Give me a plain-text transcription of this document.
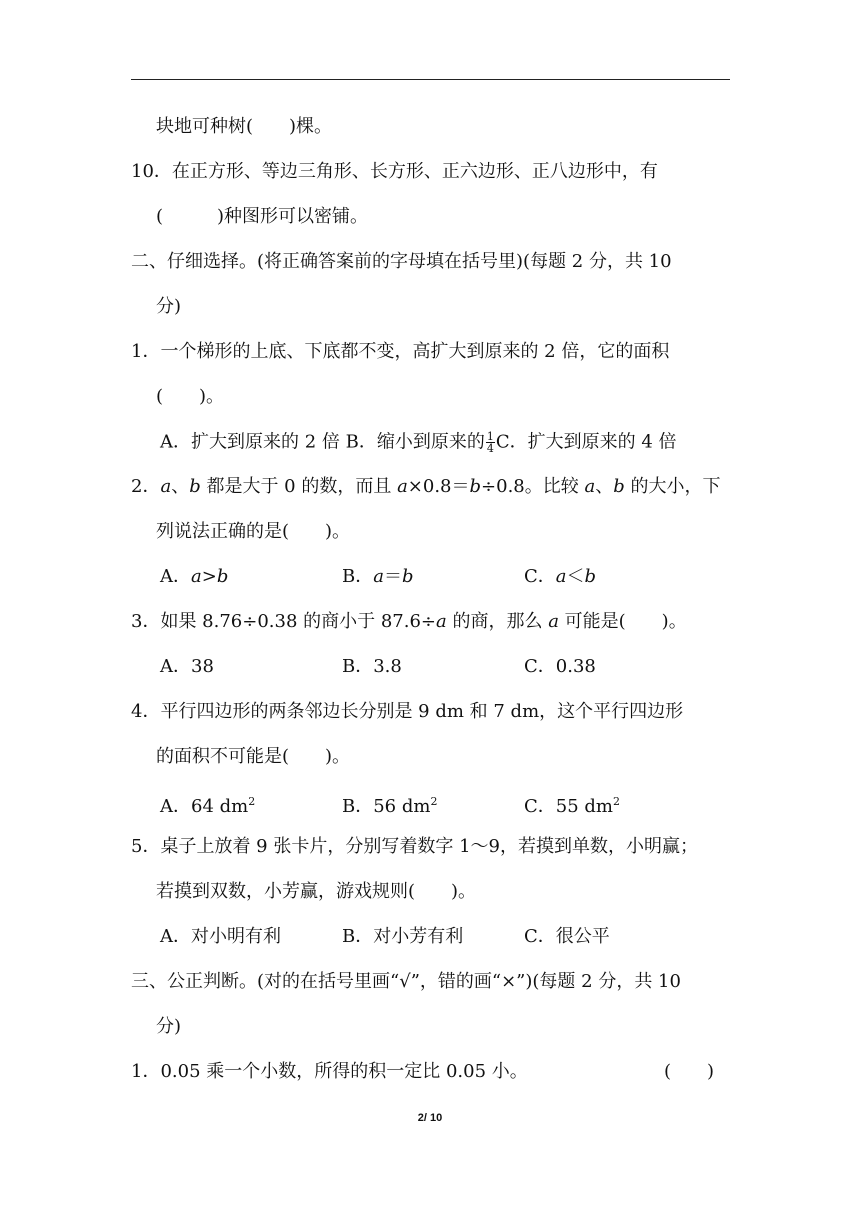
块地可种树(　　)棵。
10．在正方形、等边三角形、长方形、正六边形、正八边形中，有
(　　　)种图形可以密铺。
二、仔细选择。(将正确答案前的字母填在括号里)(每题 2 分，共 10
分)
1．一个梯形的上底、下底都不变，高扩大到原来的 2 倍，它的面积
(　　)。
A．扩大到原来的 2 倍 B．缩小到原来的 $\frac{1}{4}$ C．扩大到原来的 4 倍
2．a、b 都是大于 0 的数，而且 a×0.8＝b÷0.8。比较 a、b 的大小，下
列说法正确的是(　　)。
A．a>b	B．a＝b	C．a＜b
3．如果 8.76÷0.38 的商小于 87.6÷a 的商，那么 a 可能是(　　)。
A．38	B．3.8	C．0.38
4．平行四边形的两条邻边长分别是 9 dm 和 7 dm，这个平行四边形
的面积不可能是(　　)。
A．64 $dm^2$	B．56 $dm^2$	C．55 $dm^2$
5．桌子上放着 9 张卡片，分别写着数字 1～9，若摸到单数，小明赢；
若摸到双数，小芳赢，游戏规则(　　)。
A．对小明有利	B．对小芳有利	C．很公平
三、公正判断。(对的在括号里画“√”，错的画“×”)(每题 2 分，共 10
分)
1．0.05 乘一个小数，所得的积一定比 0.05 小。	(　　)
2/ 10
